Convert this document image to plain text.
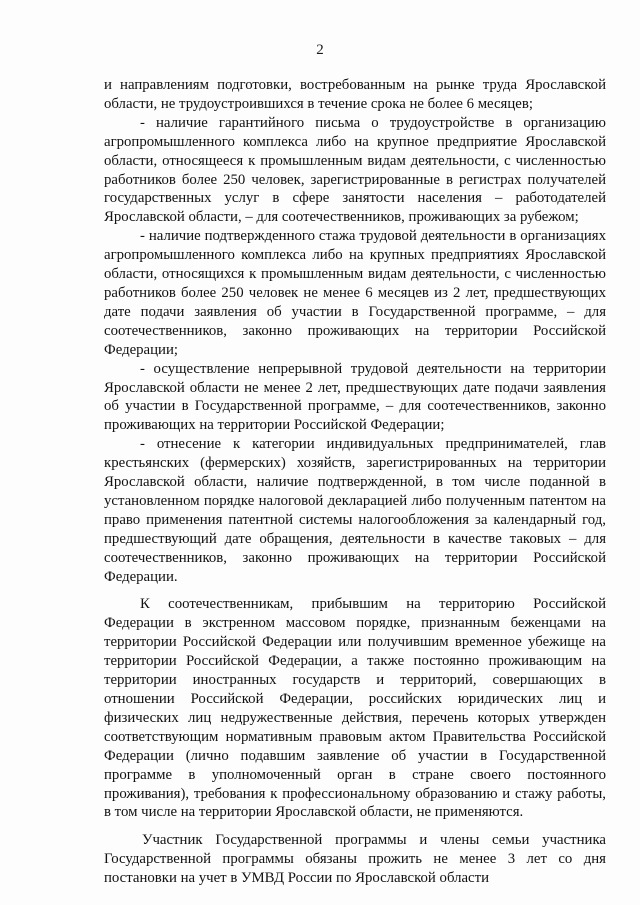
2

и направлениям подготовки, востребованным на рынке труда Ярославской области, не трудоустроившихся в течение срока не более 6 месяцев;

- наличие гарантийного письма о трудоустройстве в организацию агропромышленного комплекса либо на крупное предприятие Ярославской области, относящееся к промышленным видам деятельности, с численностью работников более 250 человек, зарегистрированные в регистрах получателей государственных услуг в сфере занятости населения – работодателей Ярославской области, – для соотечественников, проживающих за рубежом;

- наличие подтвержденного стажа трудовой деятельности в организациях агропромышленного комплекса либо на крупных предприятиях Ярославской области, относящихся к промышленным видам деятельности, с численностью работников более 250 человек не менее 6 месяцев из 2 лет, предшествующих дате подачи заявления об участии в Государственной программе, – для соотечественников, законно проживающих на территории Российской Федерации;

- осуществление непрерывной трудовой деятельности на территории Ярославской области не менее 2 лет, предшествующих дате подачи заявления об участии в Государственной программе, – для соотечественников, законно проживающих на территории Российской Федерации;

- отнесение к категории индивидуальных предпринимателей, глав крестьянских (фермерских) хозяйств, зарегистрированных на территории Ярославской области, наличие подтвержденной, в том числе поданной в установленном порядке налоговой декларацией либо полученным патентом на право применения патентной системы налогообложения за календарный год, предшествующий дате обращения, деятельности в качестве таковых – для соотечественников, законно проживающих на территории Российской Федерации.

К соотечественникам, прибывшим на территорию Российской Федерации в экстренном массовом порядке, признанным беженцами на территории Российской Федерации или получившим временное убежище на территории Российской Федерации, а также постоянно проживающим на территории иностранных государств и территорий, совершающих в отношении Российской Федерации, российских юридических лиц и физических лиц недружественные действия, перечень которых утвержден соответствующим нормативным правовым актом Правительства Российской Федерации (лично подавшим заявление об участии в Государственной программе в уполномоченный орган в стране своего постоянного проживания), требования к профессиональному образованию и стажу работы, в том числе на территории Ярославской области, не применяются.

Участник Государственной программы и члены семьи участника Государственной программы обязаны прожить не менее 3 лет со дня постановки на учет в УМВД России по Ярославской области
